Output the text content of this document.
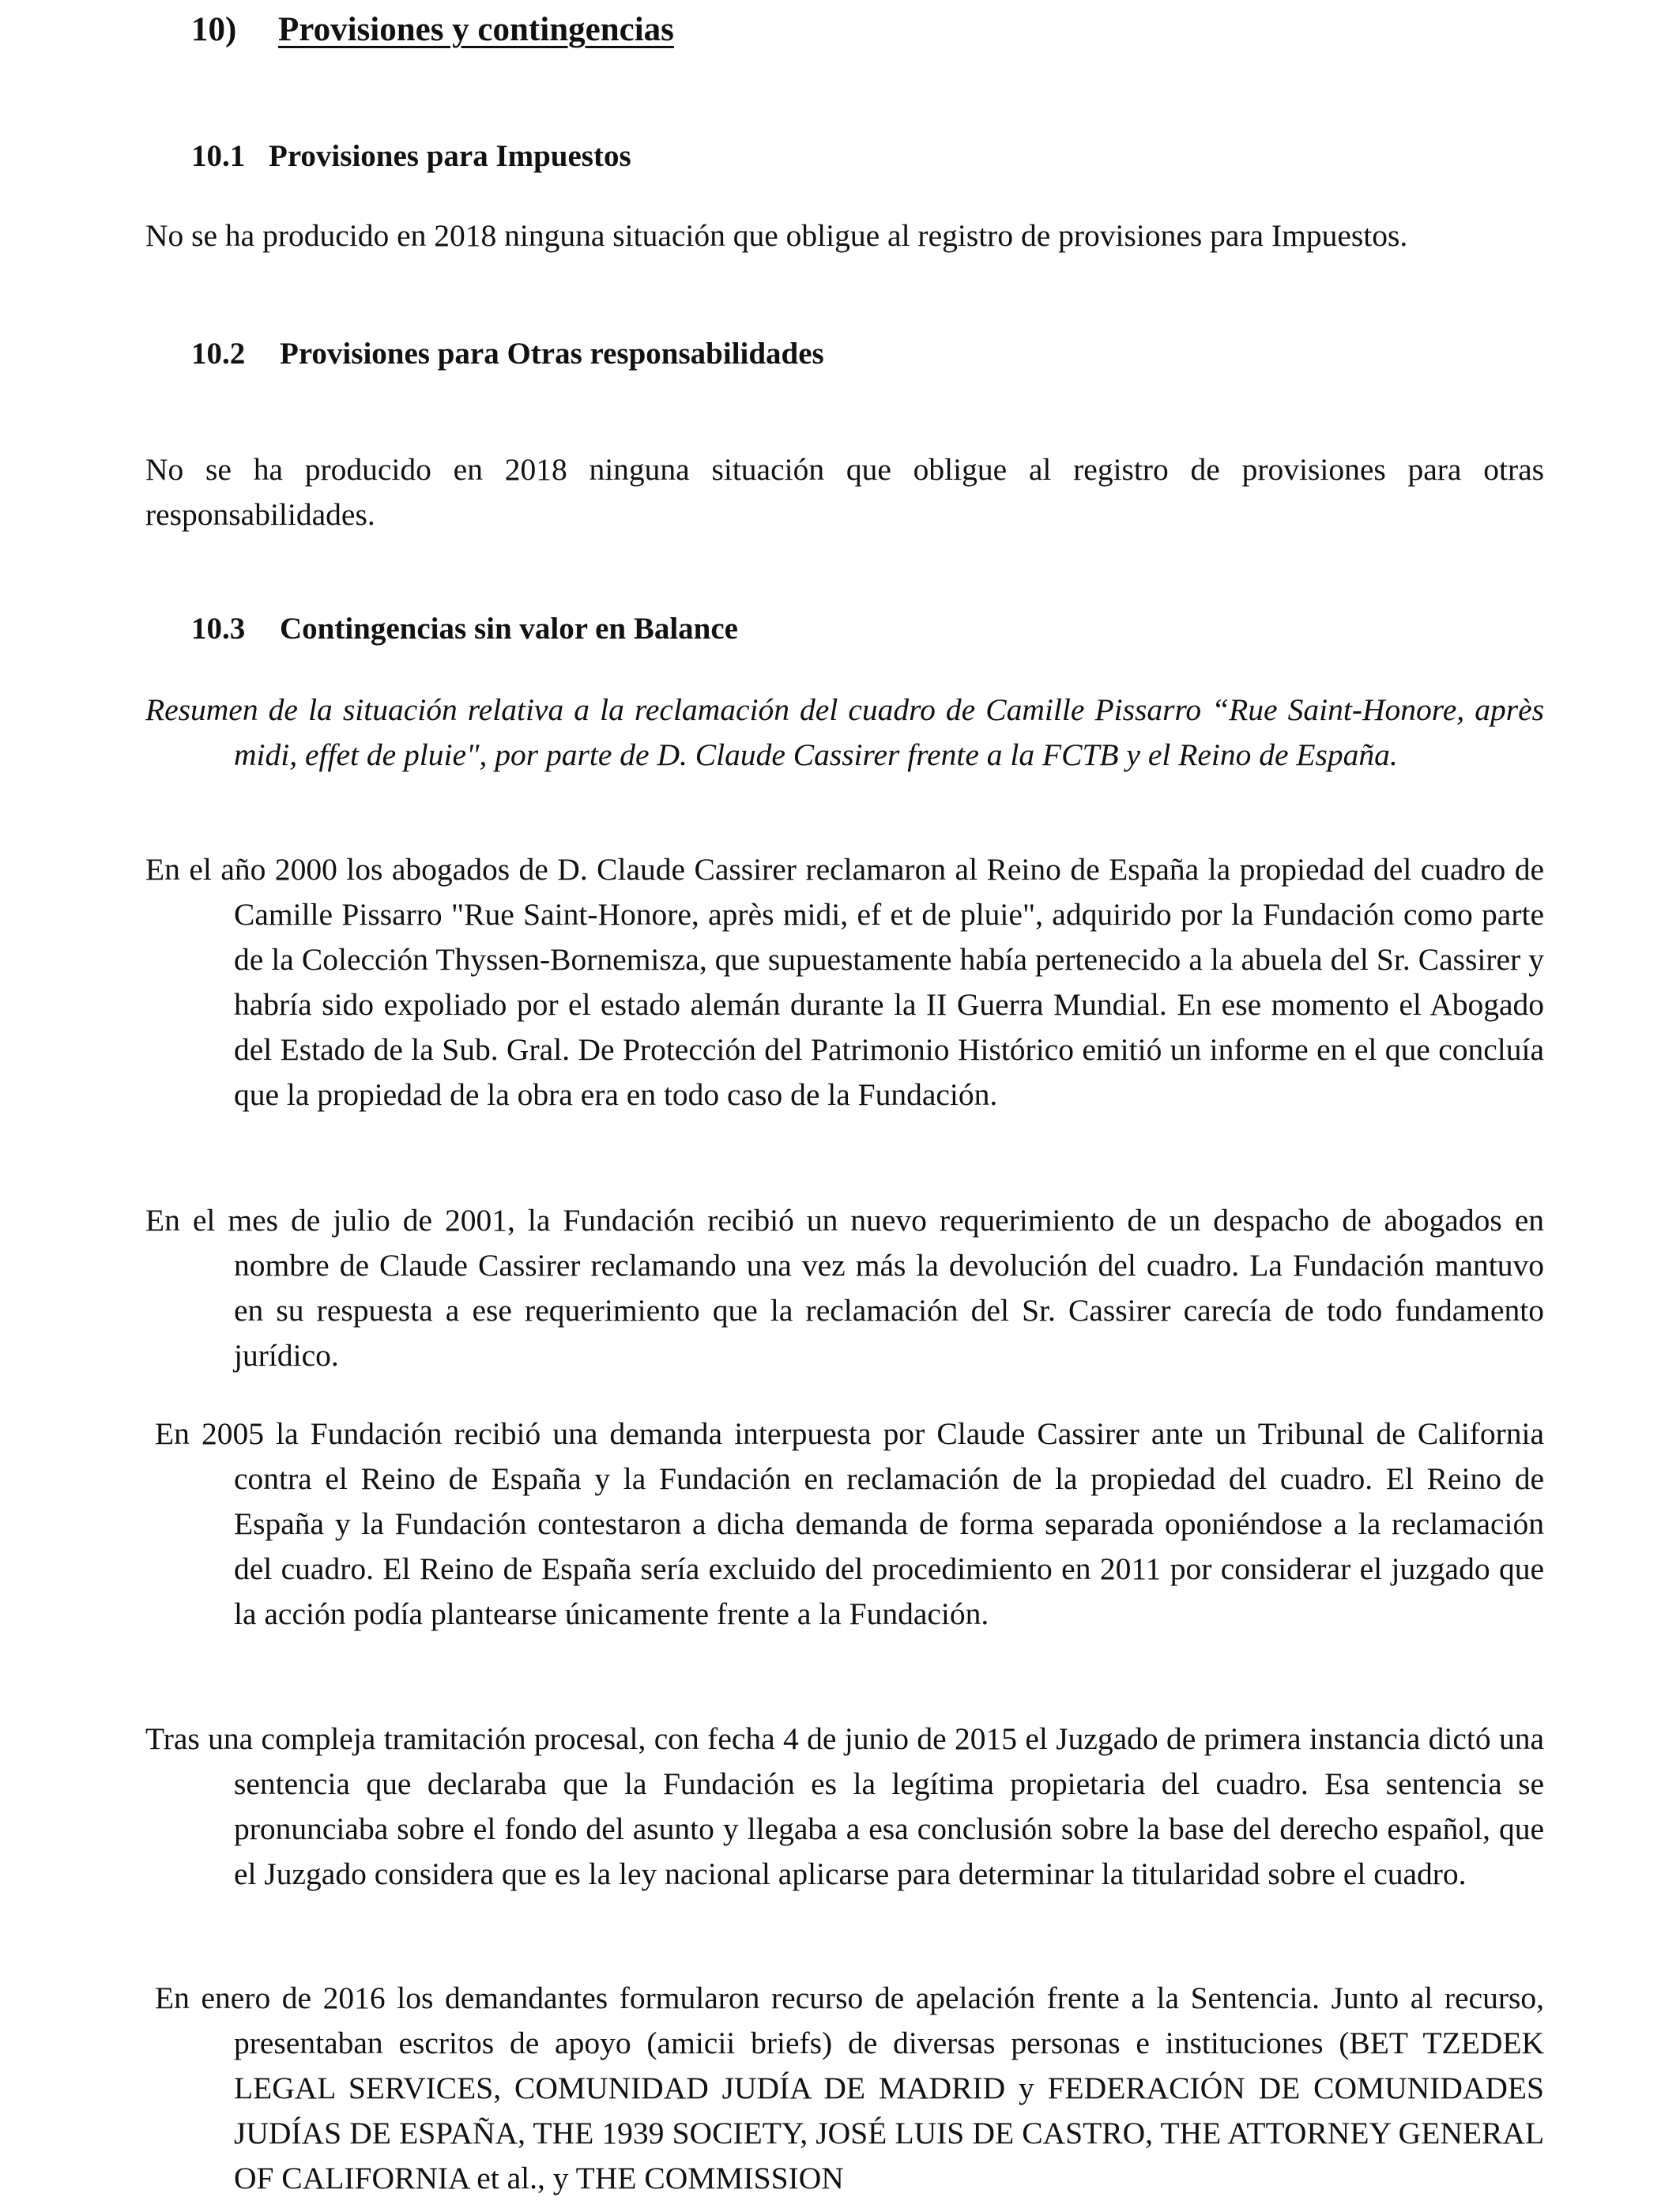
10) Provisiones y contingencias
10.1 Provisiones para Impuestos

No se ha producido en 2018 ninguna situación que obligue al registro de provisiones para Impuestos.

10.2 Provisiones para Otras responsabilidades

No se ha producido en 2018 ninguna situación que obligue al registro de provisiones para otras responsabilidades.

10.3 Contingencias sin valor en Balance

Resumen de la situación relativa a la reclamación del cuadro de Camille Pissarro “Rue Saint-Honore, après midi, effet de pluie", por parte de D. Claude Cassirer frente a la FCTB y el Reino de España.

En el año 2000 los abogados de D. Claude Cassirer reclamaron al Reino de España la propiedad del cuadro de Camille Pissarro "Rue Saint-Honore, après midi, ef et de pluie", adquirido por la Fundación como parte de la Colección Thyssen-Bornemisza, que supuestamente había pertenecido a la abuela del Sr. Cassirer y habría sido expoliado por el estado alemán durante la II Guerra Mundial. En ese momento el Abogado del Estado de la Sub. Gral. De Protección del Patrimonio Histórico emitió un informe en el que concluía que la propiedad de la obra era en todo caso de la Fundación.

En el mes de julio de 2001, la Fundación recibió un nuevo requerimiento de un despacho de abogados en nombre de Claude Cassirer reclamando una vez más la devolución del cuadro. La Fundación mantuvo en su respuesta a ese requerimiento que la reclamación del Sr. Cassirer carecía de todo fundamento jurídico.

En 2005 la Fundación recibió una demanda interpuesta por Claude Cassirer ante un Tribunal de California contra el Reino de España y la Fundación en reclamación de la propiedad del cuadro. El Reino de España y la Fundación contestaron a dicha demanda de forma separada oponiéndose a la reclamación del cuadro. El Reino de España sería excluido del procedimiento en 2011 por considerar el juzgado que la acción podía plantearse únicamente frente a la Fundación.

Tras una compleja tramitación procesal, con fecha 4 de junio de 2015 el Juzgado de primera instancia dictó una sentencia que declaraba que la Fundación es la legítima propietaria del cuadro. Esa sentencia se pronunciaba sobre el fondo del asunto y llegaba a esa conclusión sobre la base del derecho español, que el Juzgado considera que es la ley nacional aplicarse para determinar la titularidad sobre el cuadro.

En enero de 2016 los demandantes formularon recurso de apelación frente a la Sentencia. Junto al recurso, presentaban escritos de apoyo (amicii briefs) de diversas personas e instituciones (BET TZEDEK LEGAL SERVICES, COMUNIDAD JUDÍA DE MADRID y FEDERACIÓN DE COMUNIDADES JUDÍAS DE ESPAÑA, THE 1939 SOCIETY, JOSÉ LUIS DE CASTRO, THE ATTORNEY GENERAL OF CALIFORNIA et al., y THE COMMISSION
